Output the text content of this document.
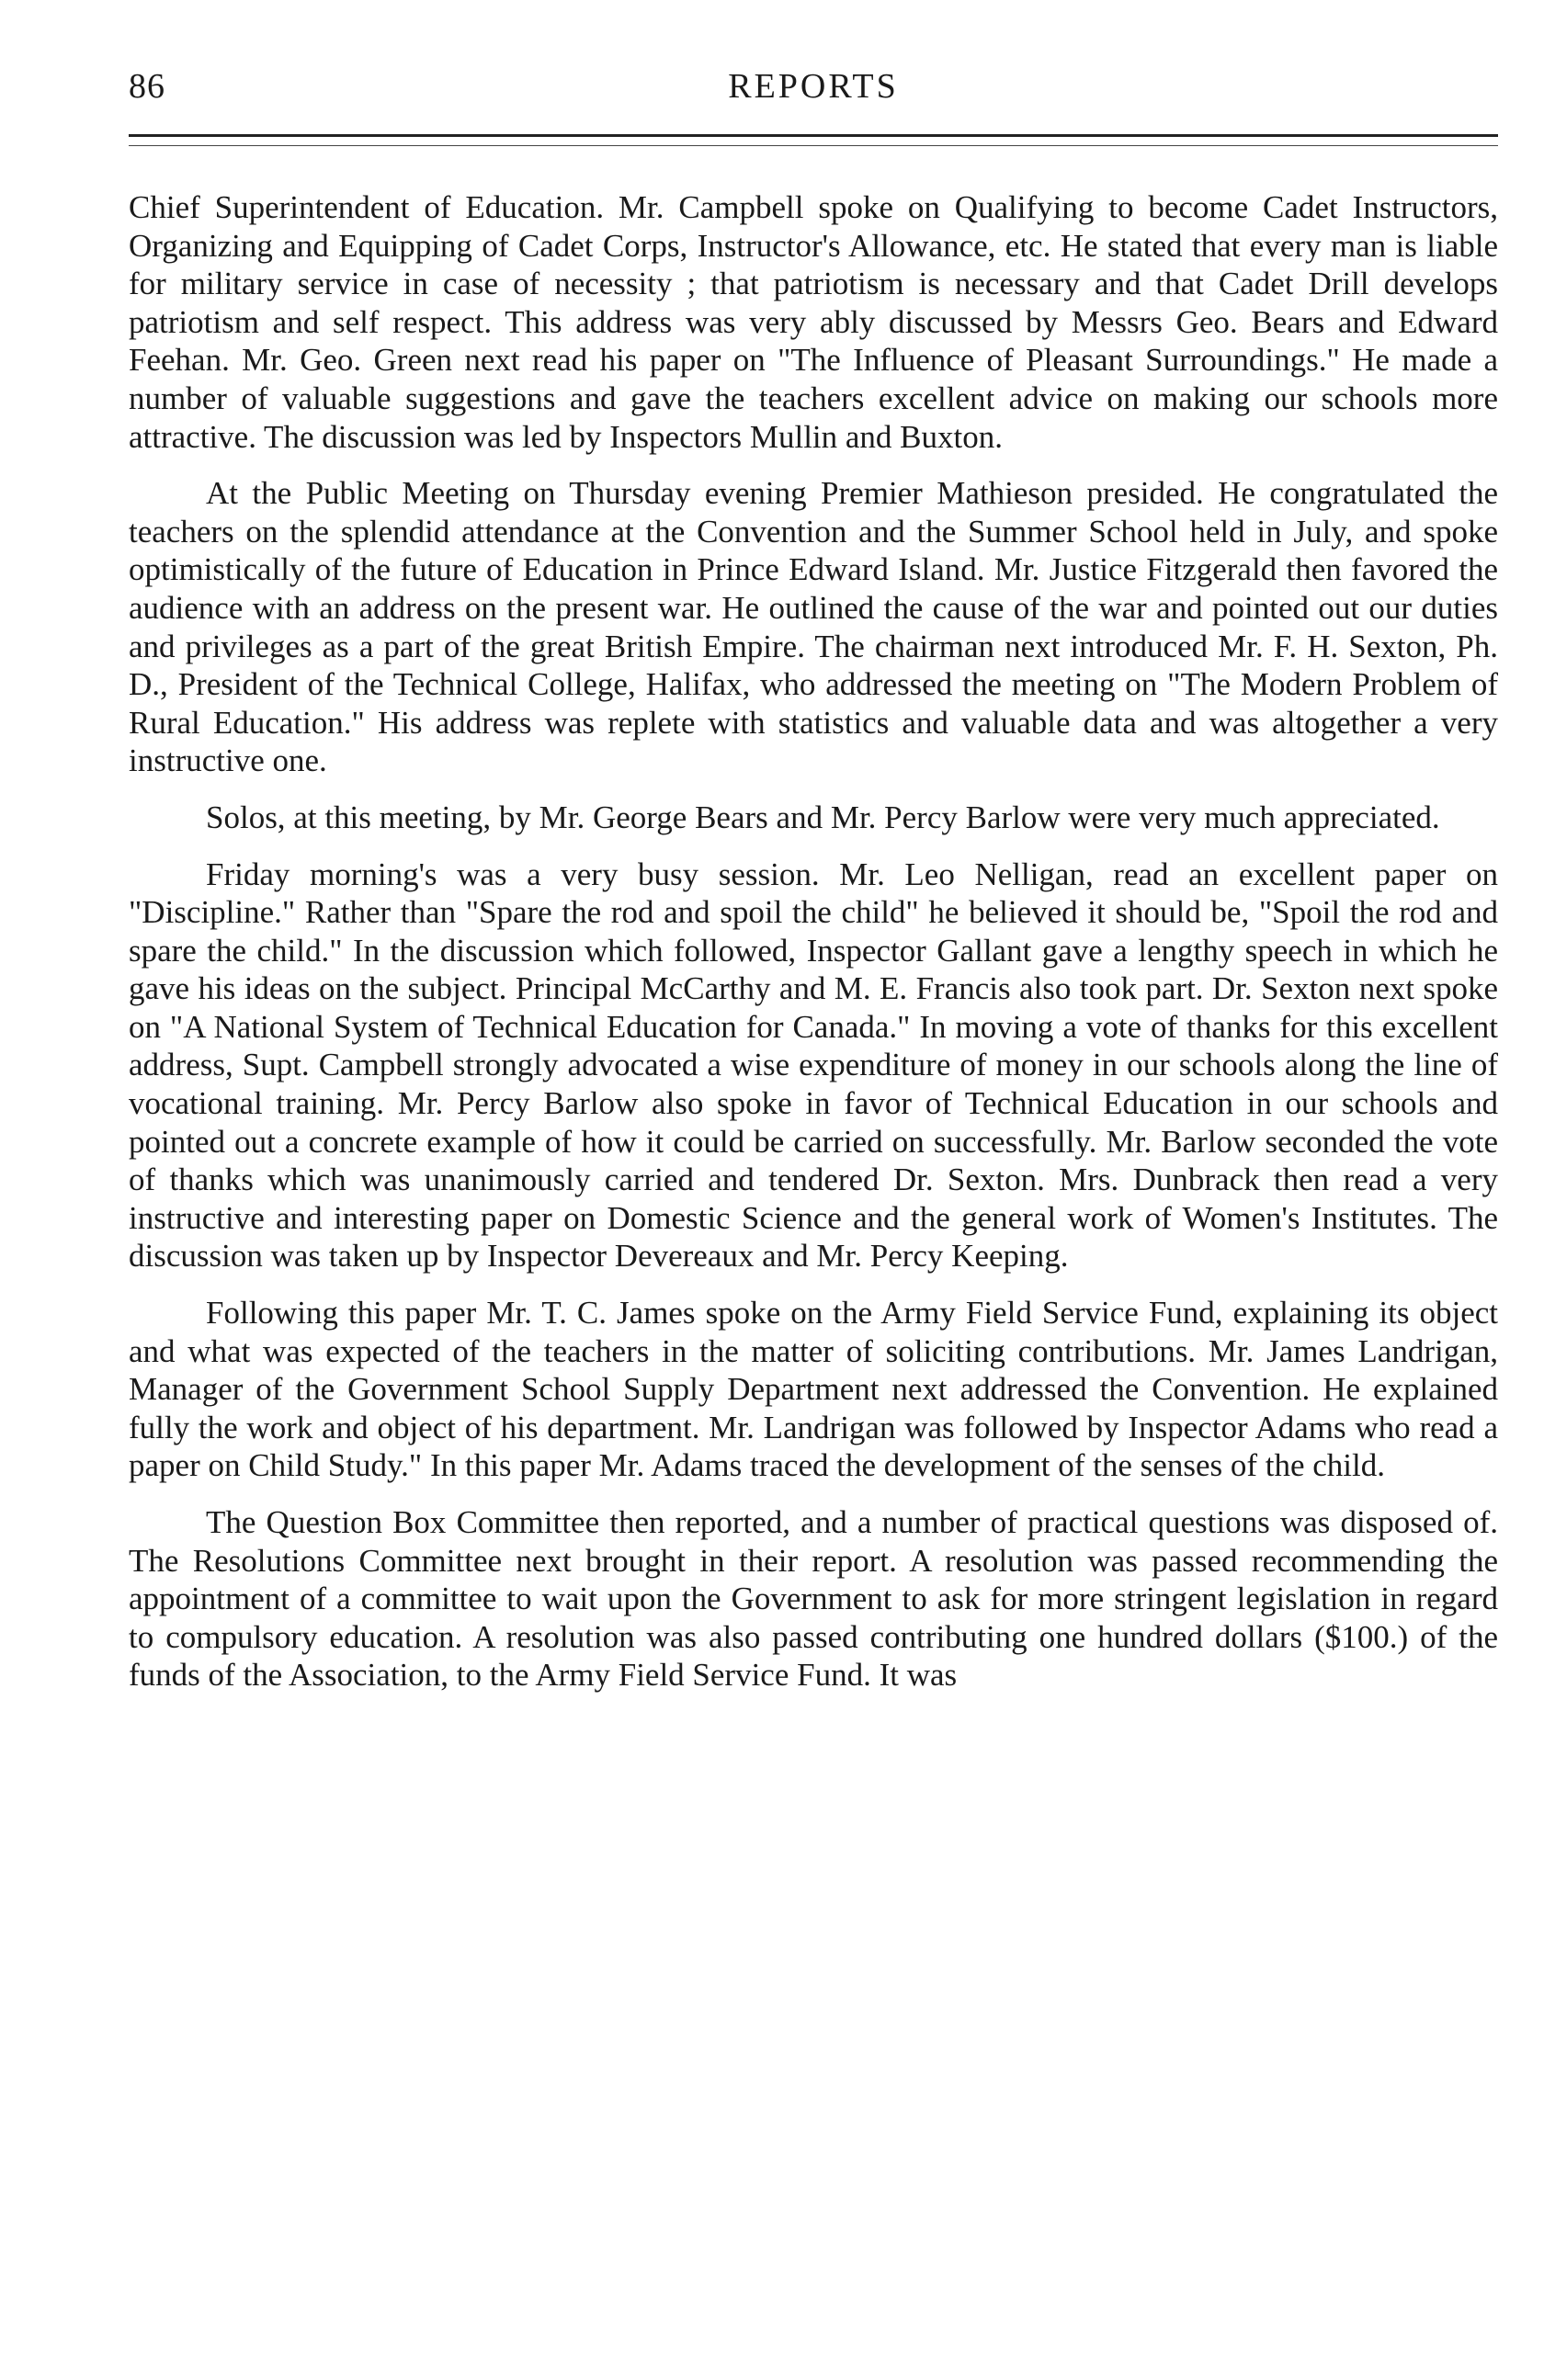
86	REPORTS

Chief Superintendent of Education. Mr. Campbell spoke on Qualifying to become Cadet Instructors, Organizing and Equipping of Cadet Corps, Instructor's Allowance, etc. He stated that every man is liable for military service in case of necessity ; that patriotism is necessary and that Cadet Drill develops patriotism and self respect. This address was very ably discussed by Messrs Geo. Bears and Edward Feehan. Mr. Geo. Green next read his paper on "The Influence of Pleasant Surroundings." He made a number of valuable suggestions and gave the teachers excellent advice on making our schools more attractive. The discussion was led by Inspectors Mullin and Buxton.

At the Public Meeting on Thursday evening Premier Mathieson presided. He congratulated the teachers on the splendid attendance at the Convention and the Summer School held in July, and spoke optimistically of the future of Education in Prince Edward Island. Mr. Justice Fitzgerald then favored the audience with an address on the present war. He outlined the cause of the war and pointed out our duties and privileges as a part of the great British Empire. The chairman next introduced Mr. F. H. Sexton, Ph. D., President of the Technical College, Halifax, who addressed the meeting on "The Modern Problem of Rural Education." His address was replete with statistics and valuable data and was altogether a very instructive one.

Solos, at this meeting, by Mr. George Bears and Mr. Percy Barlow were very much appreciated.

Friday morning's was a very busy session. Mr. Leo Nelligan, read an excellent paper on "Discipline." Rather than "Spare the rod and spoil the child" he believed it should be, "Spoil the rod and spare the child." In the discussion which followed, Inspector Gallant gave a lengthy speech in which he gave his ideas on the subject. Principal McCarthy and M. E. Francis also took part. Dr. Sexton next spoke on "A National System of Technical Education for Canada." In moving a vote of thanks for this excellent address, Supt. Campbell strongly advocated a wise expenditure of money in our schools along the line of vocational training. Mr. Percy Barlow also spoke in favor of Technical Education in our schools and pointed out a concrete example of how it could be carried on successfully. Mr. Barlow seconded the vote of thanks which was unanimously carried and tendered Dr. Sexton. Mrs. Dunbrack then read a very instructive and interesting paper on Domestic Science and the general work of Women's Institutes. The discussion was taken up by Inspector Devereaux and Mr. Percy Keeping.

Following this paper Mr. T. C. James spoke on the Army Field Service Fund, explaining its object and what was expected of the teachers in the matter of soliciting contributions. Mr. James Landrigan, Manager of the Government School Supply Department next addressed the Convention. He explained fully the work and object of his department. Mr. Landrigan was followed by Inspector Adams who read a paper on Child Study." In this paper Mr. Adams traced the development of the senses of the child.

The Question Box Committee then reported, and a number of practical questions was disposed of. The Resolutions Committee next brought in their report. A resolution was passed recommending the appointment of a committee to wait upon the Government to ask for more stringent legislation in regard to compulsory education. A resolution was also passed contributing one hundred dollars ($100.) of the funds of the Association, to the Army Field Service Fund. It was
